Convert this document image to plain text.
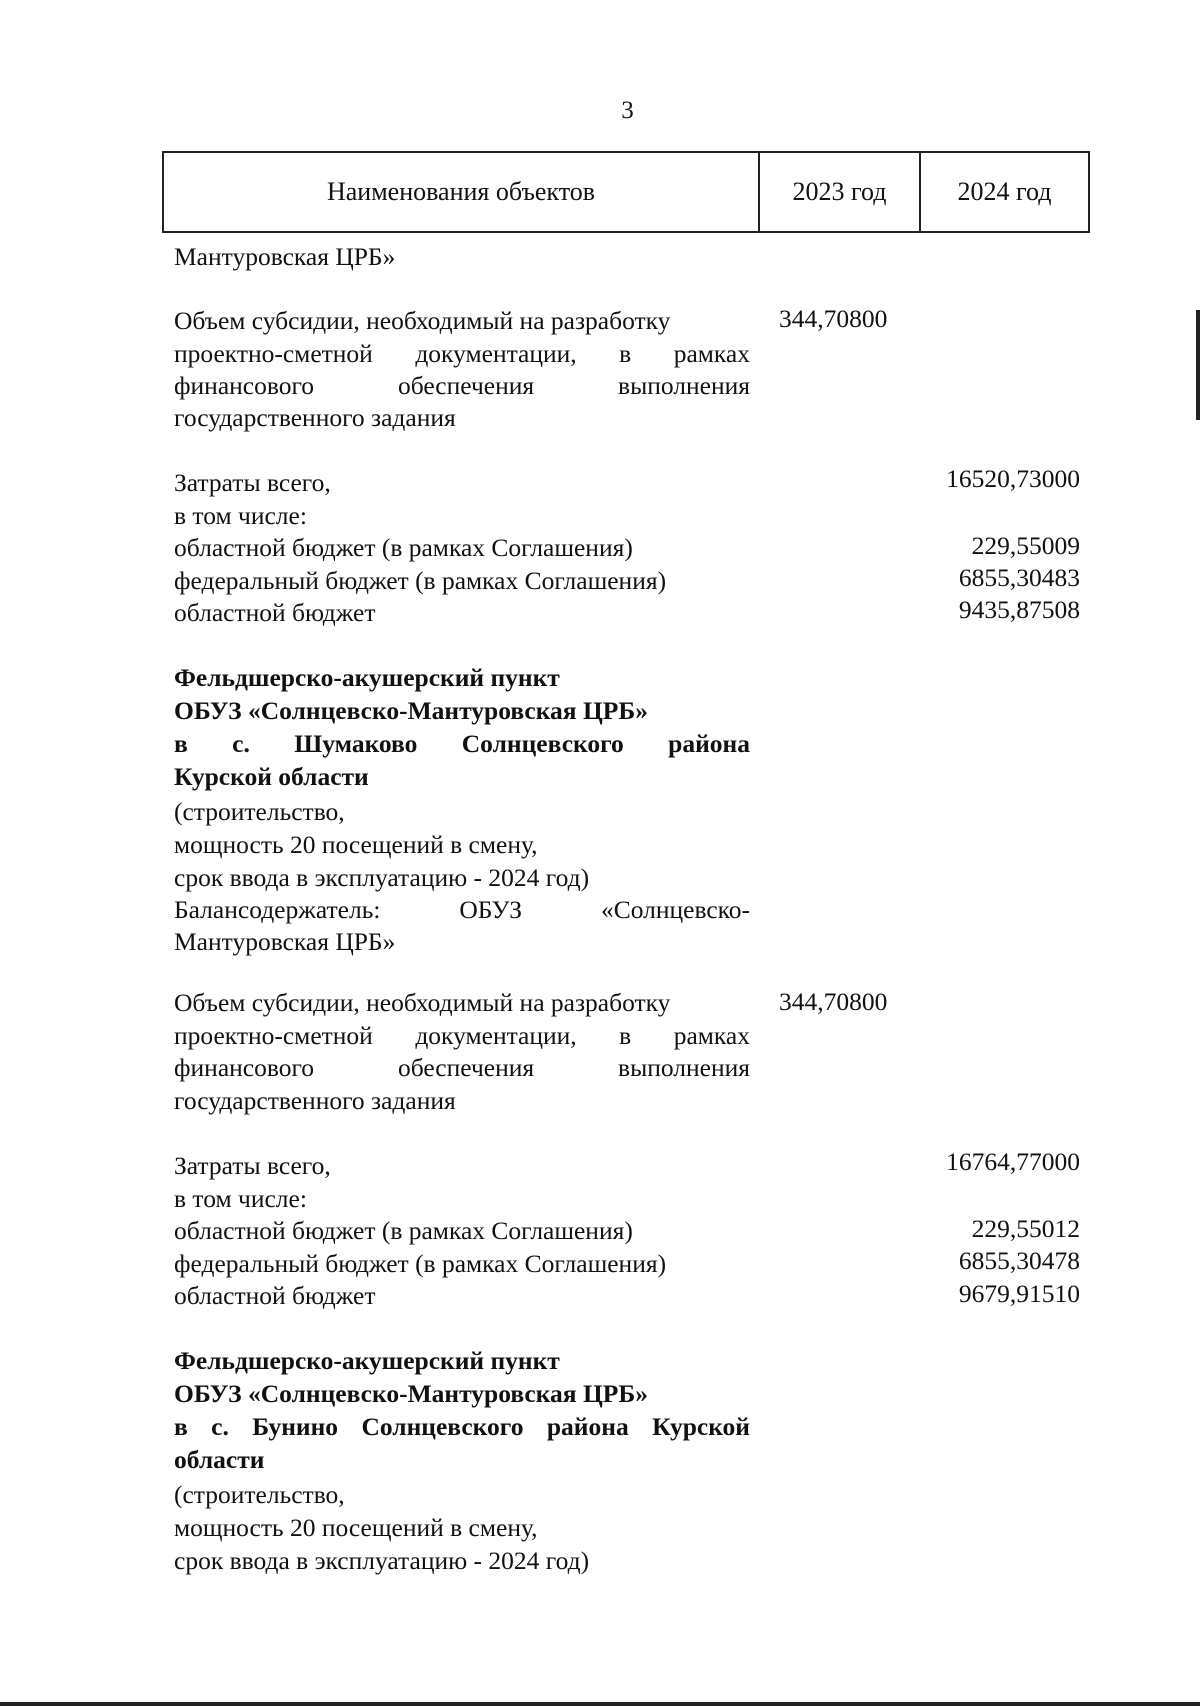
3
Наименования объектов	2023 год	2024 год
Мантуровская ЦРБ»
Объем субсидии, необходимый на разработку
проектно-сметной документации, в рамках
финансового обеспечения выполнения
государственного задания
344,70800
Затраты всего,
в том числе:
областной бюджет (в рамках Соглашения)
федеральный бюджет (в рамках Соглашения)
областной бюджет
16520,73000
229,55009
6855,30483
9435,87508
Фельдшерско-акушерский пункт
ОБУЗ «Солнцевско-Мантуровская ЦРБ»
в с. Шумаково Солнцевского района
Курской области
(строительство,
мощность 20 посещений в смену,
срок ввода в эксплуатацию - 2024 год)
Балансодержатель: ОБУЗ «Солнцевско-
Мантуровская ЦРБ»
Объем субсидии, необходимый на разработку
проектно-сметной документации, в рамках
финансового обеспечения выполнения
государственного задания
344,70800
Затраты всего,
в том числе:
областной бюджет (в рамках Соглашения)
федеральный бюджет (в рамках Соглашения)
областной бюджет
16764,77000
229,55012
6855,30478
9679,91510
Фельдшерско-акушерский пункт
ОБУЗ «Солнцевско-Мантуровская ЦРБ»
в с. Бунино Солнцевского района Курской
области
(строительство,
мощность 20 посещений в смену,
срок ввода в эксплуатацию - 2024 год)
